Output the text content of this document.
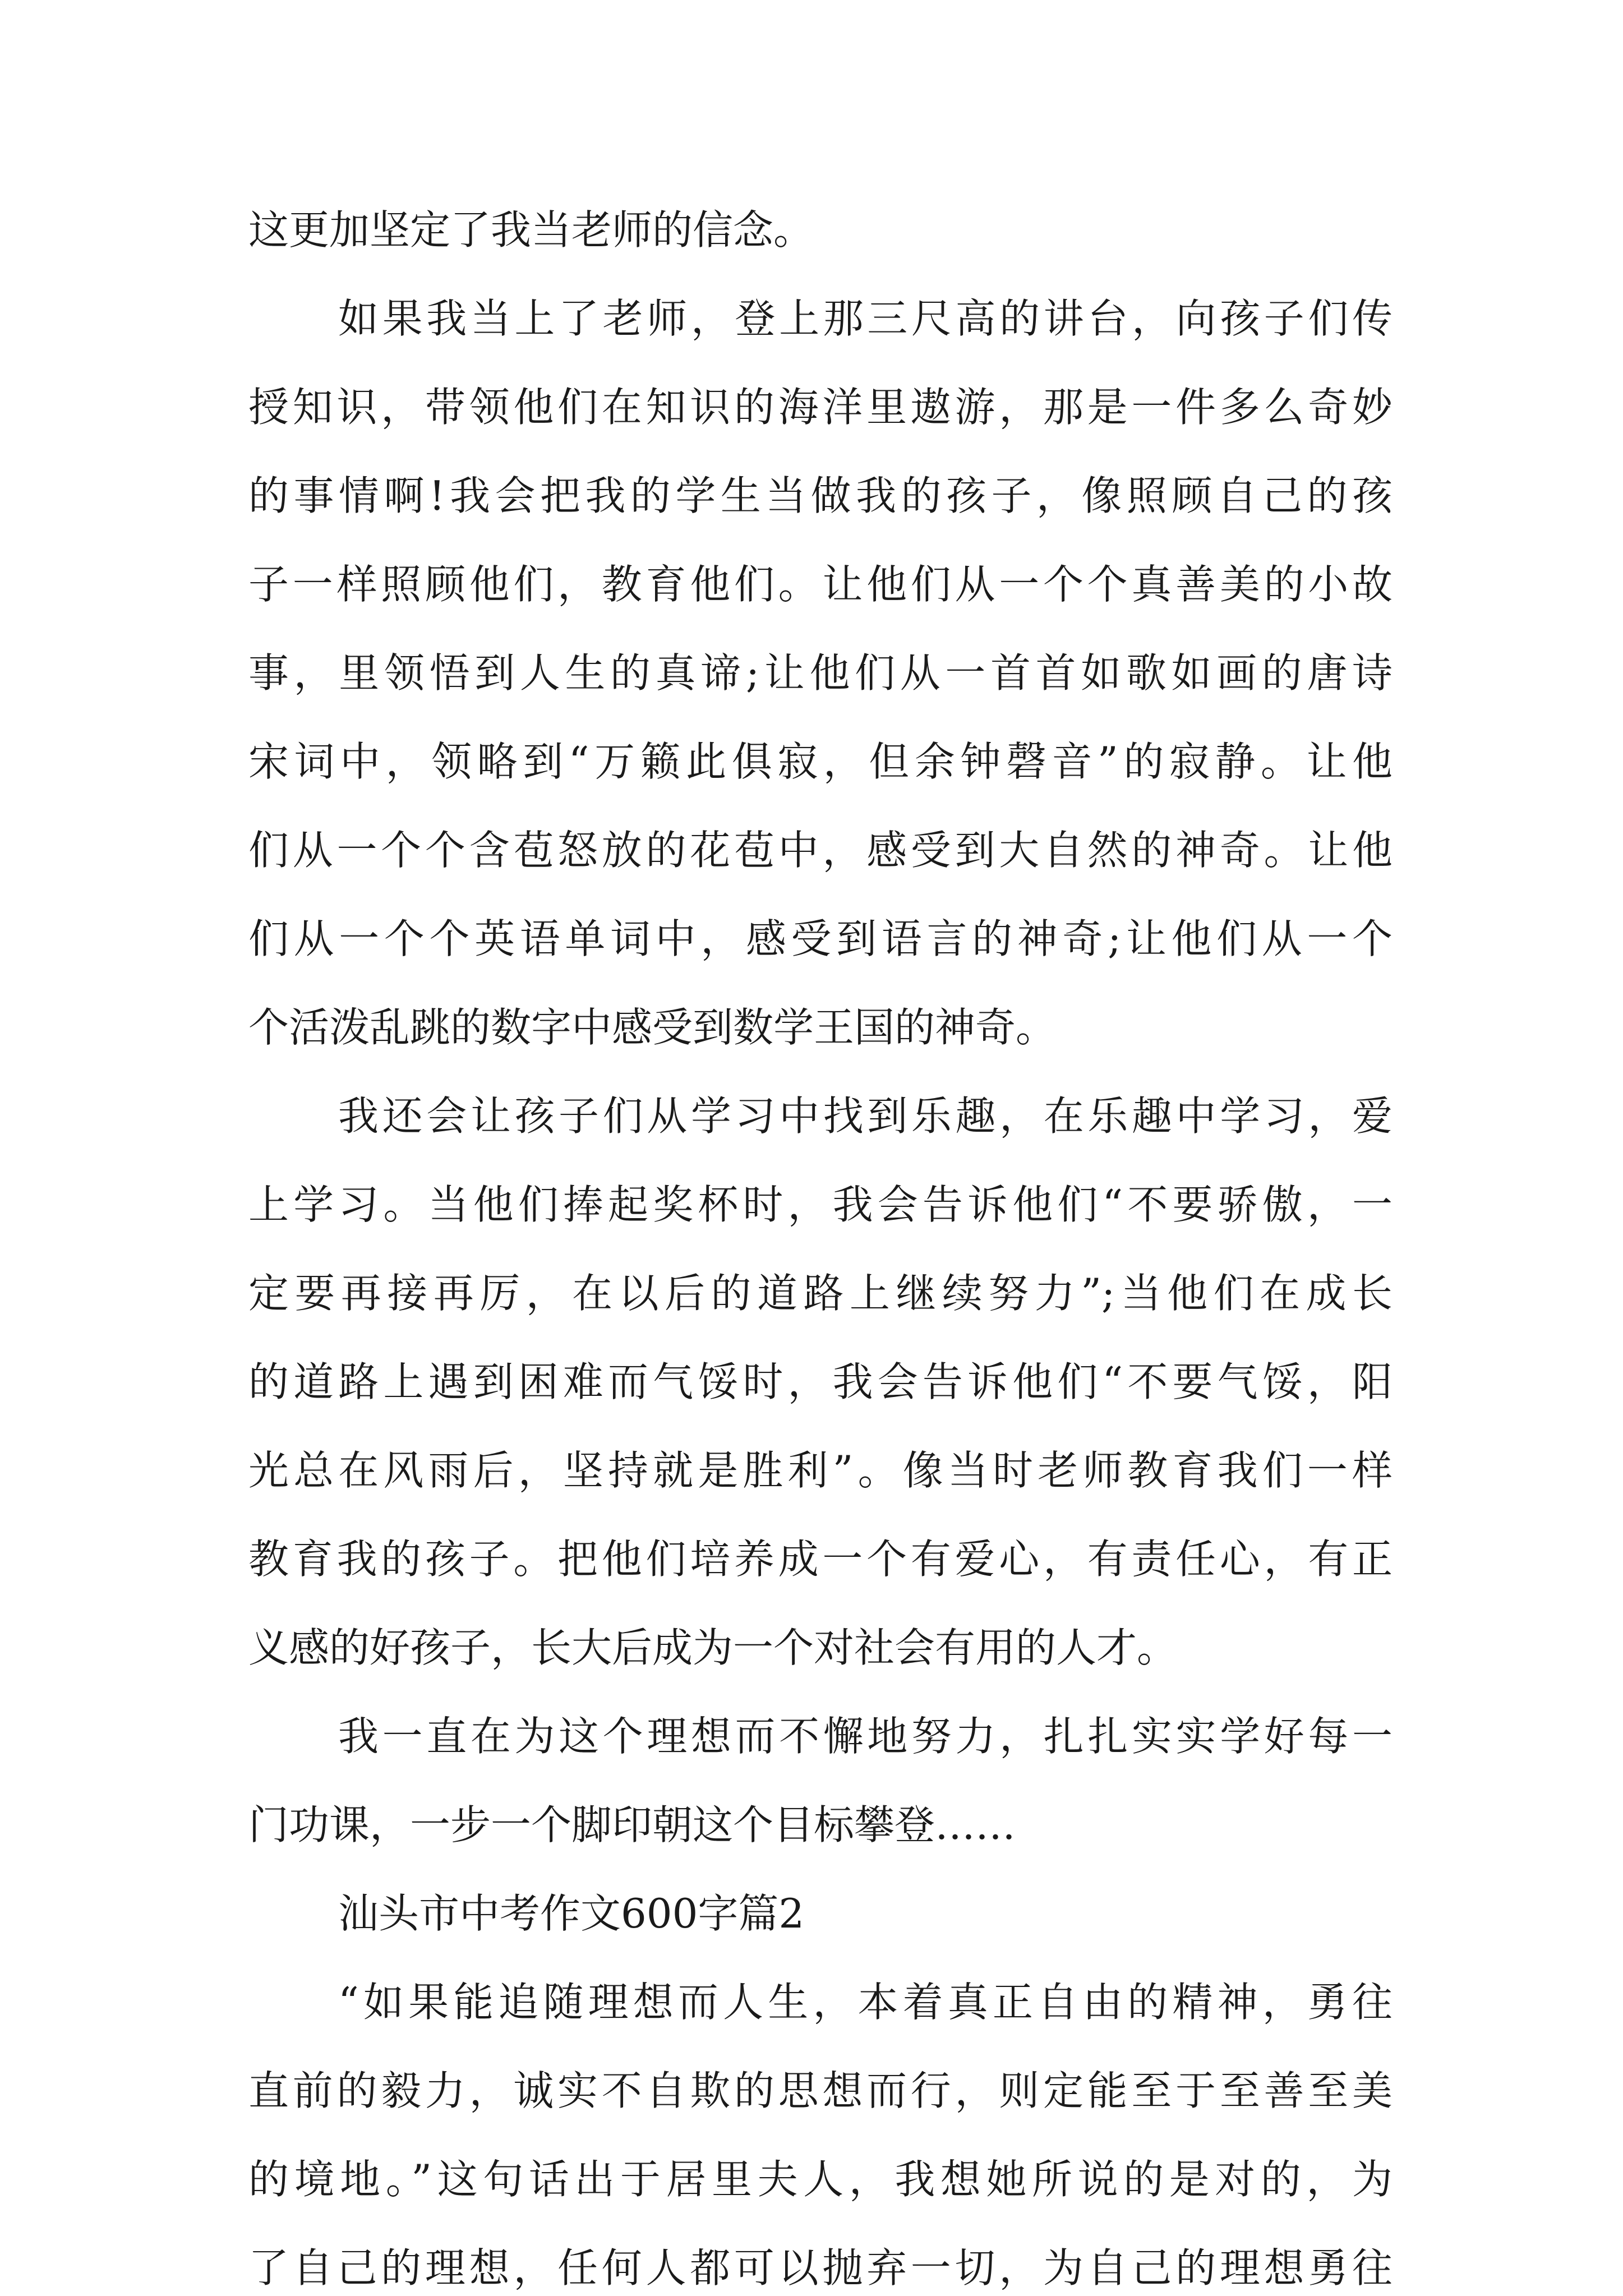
这更加坚定了我当老师的信念。
如果我当上了老师，登上那三尺高的讲台，向孩子们传
授知识，带领他们在知识的海洋里遨游，那是一件多么奇妙
的事情啊!我会把我的学生当做我的孩子，像照顾自己的孩
子一样照顾他们，教育他们。让他们从一个个真善美的小故
事，里领悟到人生的真谛;让他们从一首首如歌如画的唐诗
宋词中，领略到“万籁此俱寂，但余钟磬音”的寂静。让他
们从一个个含苞怒放的花苞中，感受到大自然的神奇。让他
们从一个个英语单词中，感受到语言的神奇;让他们从一个
个活泼乱跳的数字中感受到数学王国的神奇。
我还会让孩子们从学习中找到乐趣，在乐趣中学习，爱
上学习。当他们捧起奖杯时，我会告诉他们“不要骄傲，一
定要再接再厉，在以后的道路上继续努力”;当他们在成长
的道路上遇到困难而气馁时，我会告诉他们“不要气馁，阳
光总在风雨后，坚持就是胜利”。像当时老师教育我们一样
教育我的孩子。把他们培养成一个有爱心，有责任心，有正
义感的好孩子，长大后成为一个对社会有用的人才。
我一直在为这个理想而不懈地努力，扎扎实实学好每一
门功课，一步一个脚印朝这个目标攀登……
汕头市中考作文600字篇2
“如果能追随理想而人生，本着真正自由的精神，勇往
直前的毅力，诚实不自欺的思想而行，则定能至于至善至美
的境地。”这句话出于居里夫人，我想她所说的是对的，为
了自己的理想，任何人都可以抛弃一切，为自己的理想勇往
